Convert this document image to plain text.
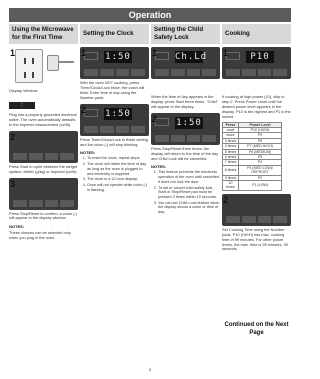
Operation
Using the Microwave for the First Time
1
Display Window
:
Plug into a properly grounded electrical outlet. The oven automatically defaults to the imperial measurement (oz/lb).
2
Press Start to cycle between the weight system, Metric (g/kg) or Imperial (oz/lb).
3
Press Stop/Reset to confirm; a colon (:) will appear in the display window.
NOTES:
These choices can be selected only when you plug in the oven.
Setting the Clock
1 1:50
With the oven NOT cooking, press Timer/Clock/Lock twice; the colon will blink. Enter time of day using the Number pads.
2 1:50
Press Timer/Clock/Lock to finish setting and the colon (:) will stop blinking.
NOTES:
1. To reset the clock, repeat steps.
2. The clock will retain the time of day as long as the oven is plugged in and electricity is supplied.
3. The clock is a 12 hour display.
4. Oven will not operate while colon (:) is flashing.
Setting the Child Safety Lock
1 Ch.Ld
When the time of day appears in the display, press Start three times. "Child" will appear in the display.
2 1:50
Press Stop/Reset three times; the display will return to the time of the day and Child Lock will be cancelled.
NOTES:
1. This feature prevents the electronic operation of the oven until cancelled. It does not lock the door.
2. To set or cancel child safety lock, Start or Stop/Reset pad must be pressed 3 times within 10 seconds.
3. You can set Child Lock feature when the display shows a colon or time of day.
Cooking
1	P10
If cooking at high power (10), skip to step 2. Press Power Level until the desired power level appears in the display. P10 is the highest and P1 is the lowest.
Press	Power Level
once	P10 (HIGH)
twice	P9
3 times	P8
4 times	P7 (MED HIGH)
5 times	P6 (MEDIUM)
6 times	P5
7 times	P4
8 times	P3 (MED LOW)/ DEFROST
9 times	P2
10 times	P1 (LOW)
2
Set Cooking Time using the Number pads. P10 (HIGH) has max. cooking time of 99 minutes. For other power levels, the max. time is 99 minutes, 99 seconds.
Continued on the Next Page
8
